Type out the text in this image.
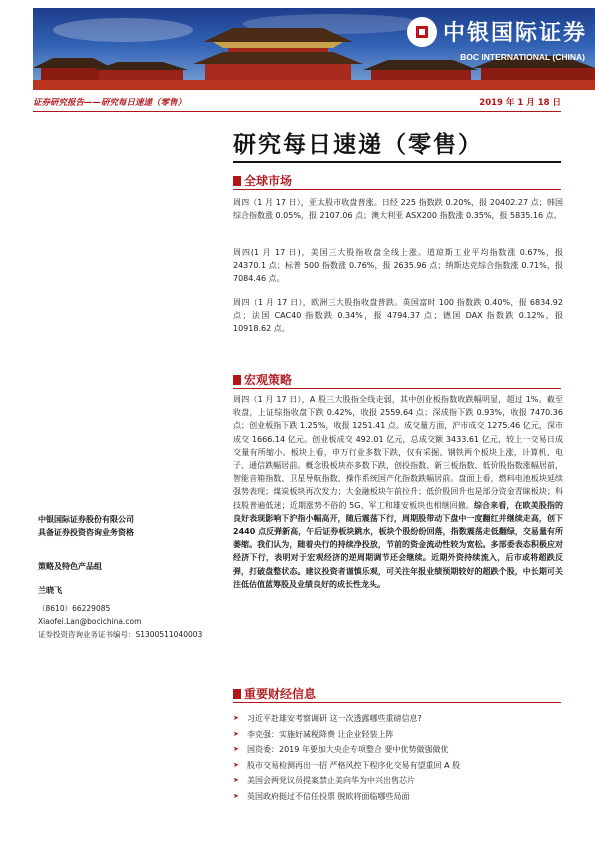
中银国际证券
BOC INTERNATIONAL (CHINA)
证券研究报告——研究每日速递（零售）	2019 年 1 月 18 日
研究每日速递（零售）
全球市场

周四（1 月 17 日），亚太股市收盘普涨。日经 225 指数跌 0.20%，报 20402.27 点；韩国综合指数涨 0.05%，报 2107.06 点；澳大利亚 ASX200 指数涨 0.35%，报 5835.16 点。

周四(1 月 17 日)，美国三大股指收盘全线上涨。道琼斯工业平均指数涨 0.67%，报 24370.1 点；标普 500 指数涨 0.76%，报 2635.96 点；纳斯达克综合指数涨 0.71%，报 7084.46 点。

周四（1 月 17 日），欧洲三大股指收盘普跌。英国富时 100 指数跌 0.40%，报 6834.92 点；法国 CAC40 指数跌 0.34%，报 4794.37 点；德国 DAX 指数跌 0.12%，报 10918.62 点。

宏观策略

周四（1 月 17 日），A 股三大股指全线走弱，其中创业板指数收跌幅明显，超过 1%。截至收盘，上证综指收盘下跌 0.42%，收报 2559.64 点；深成指下跌 0.93%，收报 7470.36 点；创业板指下跌 1.25%，收报 1251.41 点。成交量方面，沪市成交 1275.46 亿元，深市成交 1666.14 亿元。创业板成交 492.01 亿元，总成交额 3433.61 亿元，较上一交易日成交量有所缩小。板块上看，申万行业多数下跌，仅有采掘、钢铁两个板块上涨，计算机、电子、通信跌幅居前。概念股板块亦多数下跌，创投指数、新三板指数、低价股指数涨幅居前，智能音箱指数、卫星导航指数、操作系统国产化指数跌幅居前。盘面上看，燃料电池板块延续强势表现；煤炭板块再次发力；大金融板块午前拉升；低价股回升也是部分资金青睐板块；科技股普遍低迷；近期涨势不俗的 5G、军工和雄安板块也相继回撤。综合来看，在欧美股指的良好表现影响下沪指小幅高开，随后震荡下行，周期股带动下盘中一度翻红并继续走高，创下 2440 点反弹新高，午后证券板块跳水，板块个股纷纷回落，指数震荡走低翻绿，交易量有所萎缩。我们认为，随着央行的持续净投放，节前的资金流动性较为宽松。多部委表态积极应对经济下行，表明对于宏观经济的逆周期调节还会继续。近期外资持续流入，后市或将超跌反弹，打破盘整状态。建议投资者谨慎乐观，可关注年报业绩预期较好的超跌个股，中长期可关注低估值蓝筹股及业绩良好的成长性龙头。

重要财经信息
➤	习近平赴雄安考察调研 这一次透露哪些重磅信息?
➤	李克强：实施好减税降费 让企业轻装上阵
➤	国资委：2019 年要加大央企专项整合 要中优势做强做优
➤	股市交易检测再出一招 严格风控下程序化交易有望重回 A 股
➤	美国会两党议员提案禁止美向华为中兴出售芯片
➤	英国政府挺过不信任投票 脱欧将面临哪些局面
中银国际证券股份有限公司
具备证券投资咨询业务资格
策略及特色产品组
兰晓飞
（8610）66229085
Xiaofei.Lan@bocichina.com
证券投资咨询业务证书编号：S1300511040003
